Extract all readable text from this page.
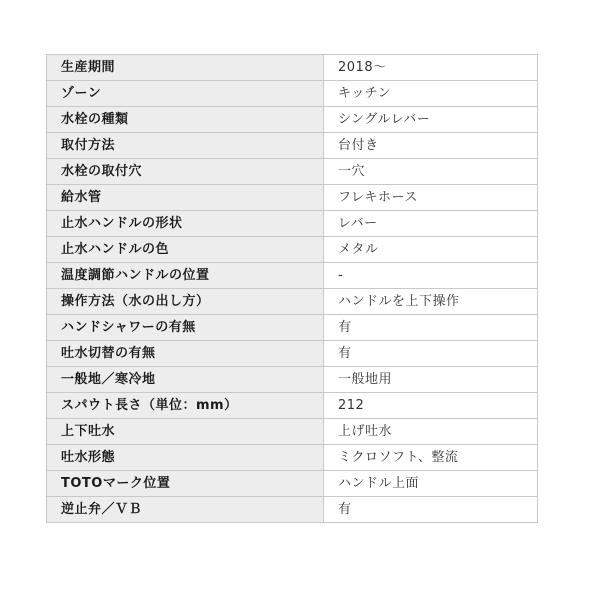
生産期間	2018～
ゾーン	キッチン
水栓の種類	シングルレバー
取付方法	台付き
水栓の取付穴	一穴
給水管	フレキホース
止水ハンドルの形状	レバー
止水ハンドルの色	メタル
温度調節ハンドルの位置	-
操作方法（水の出し方）	ハンドルを上下操作
ハンドシャワーの有無	有
吐水切替の有無	有
一般地／寒冷地	一般地用
スパウト長さ（単位：mm）	212
上下吐水	上げ吐水
吐水形態	ミクロソフト、整流
TOTOマーク位置	ハンドル上面
逆止弁／ＶＢ	有
